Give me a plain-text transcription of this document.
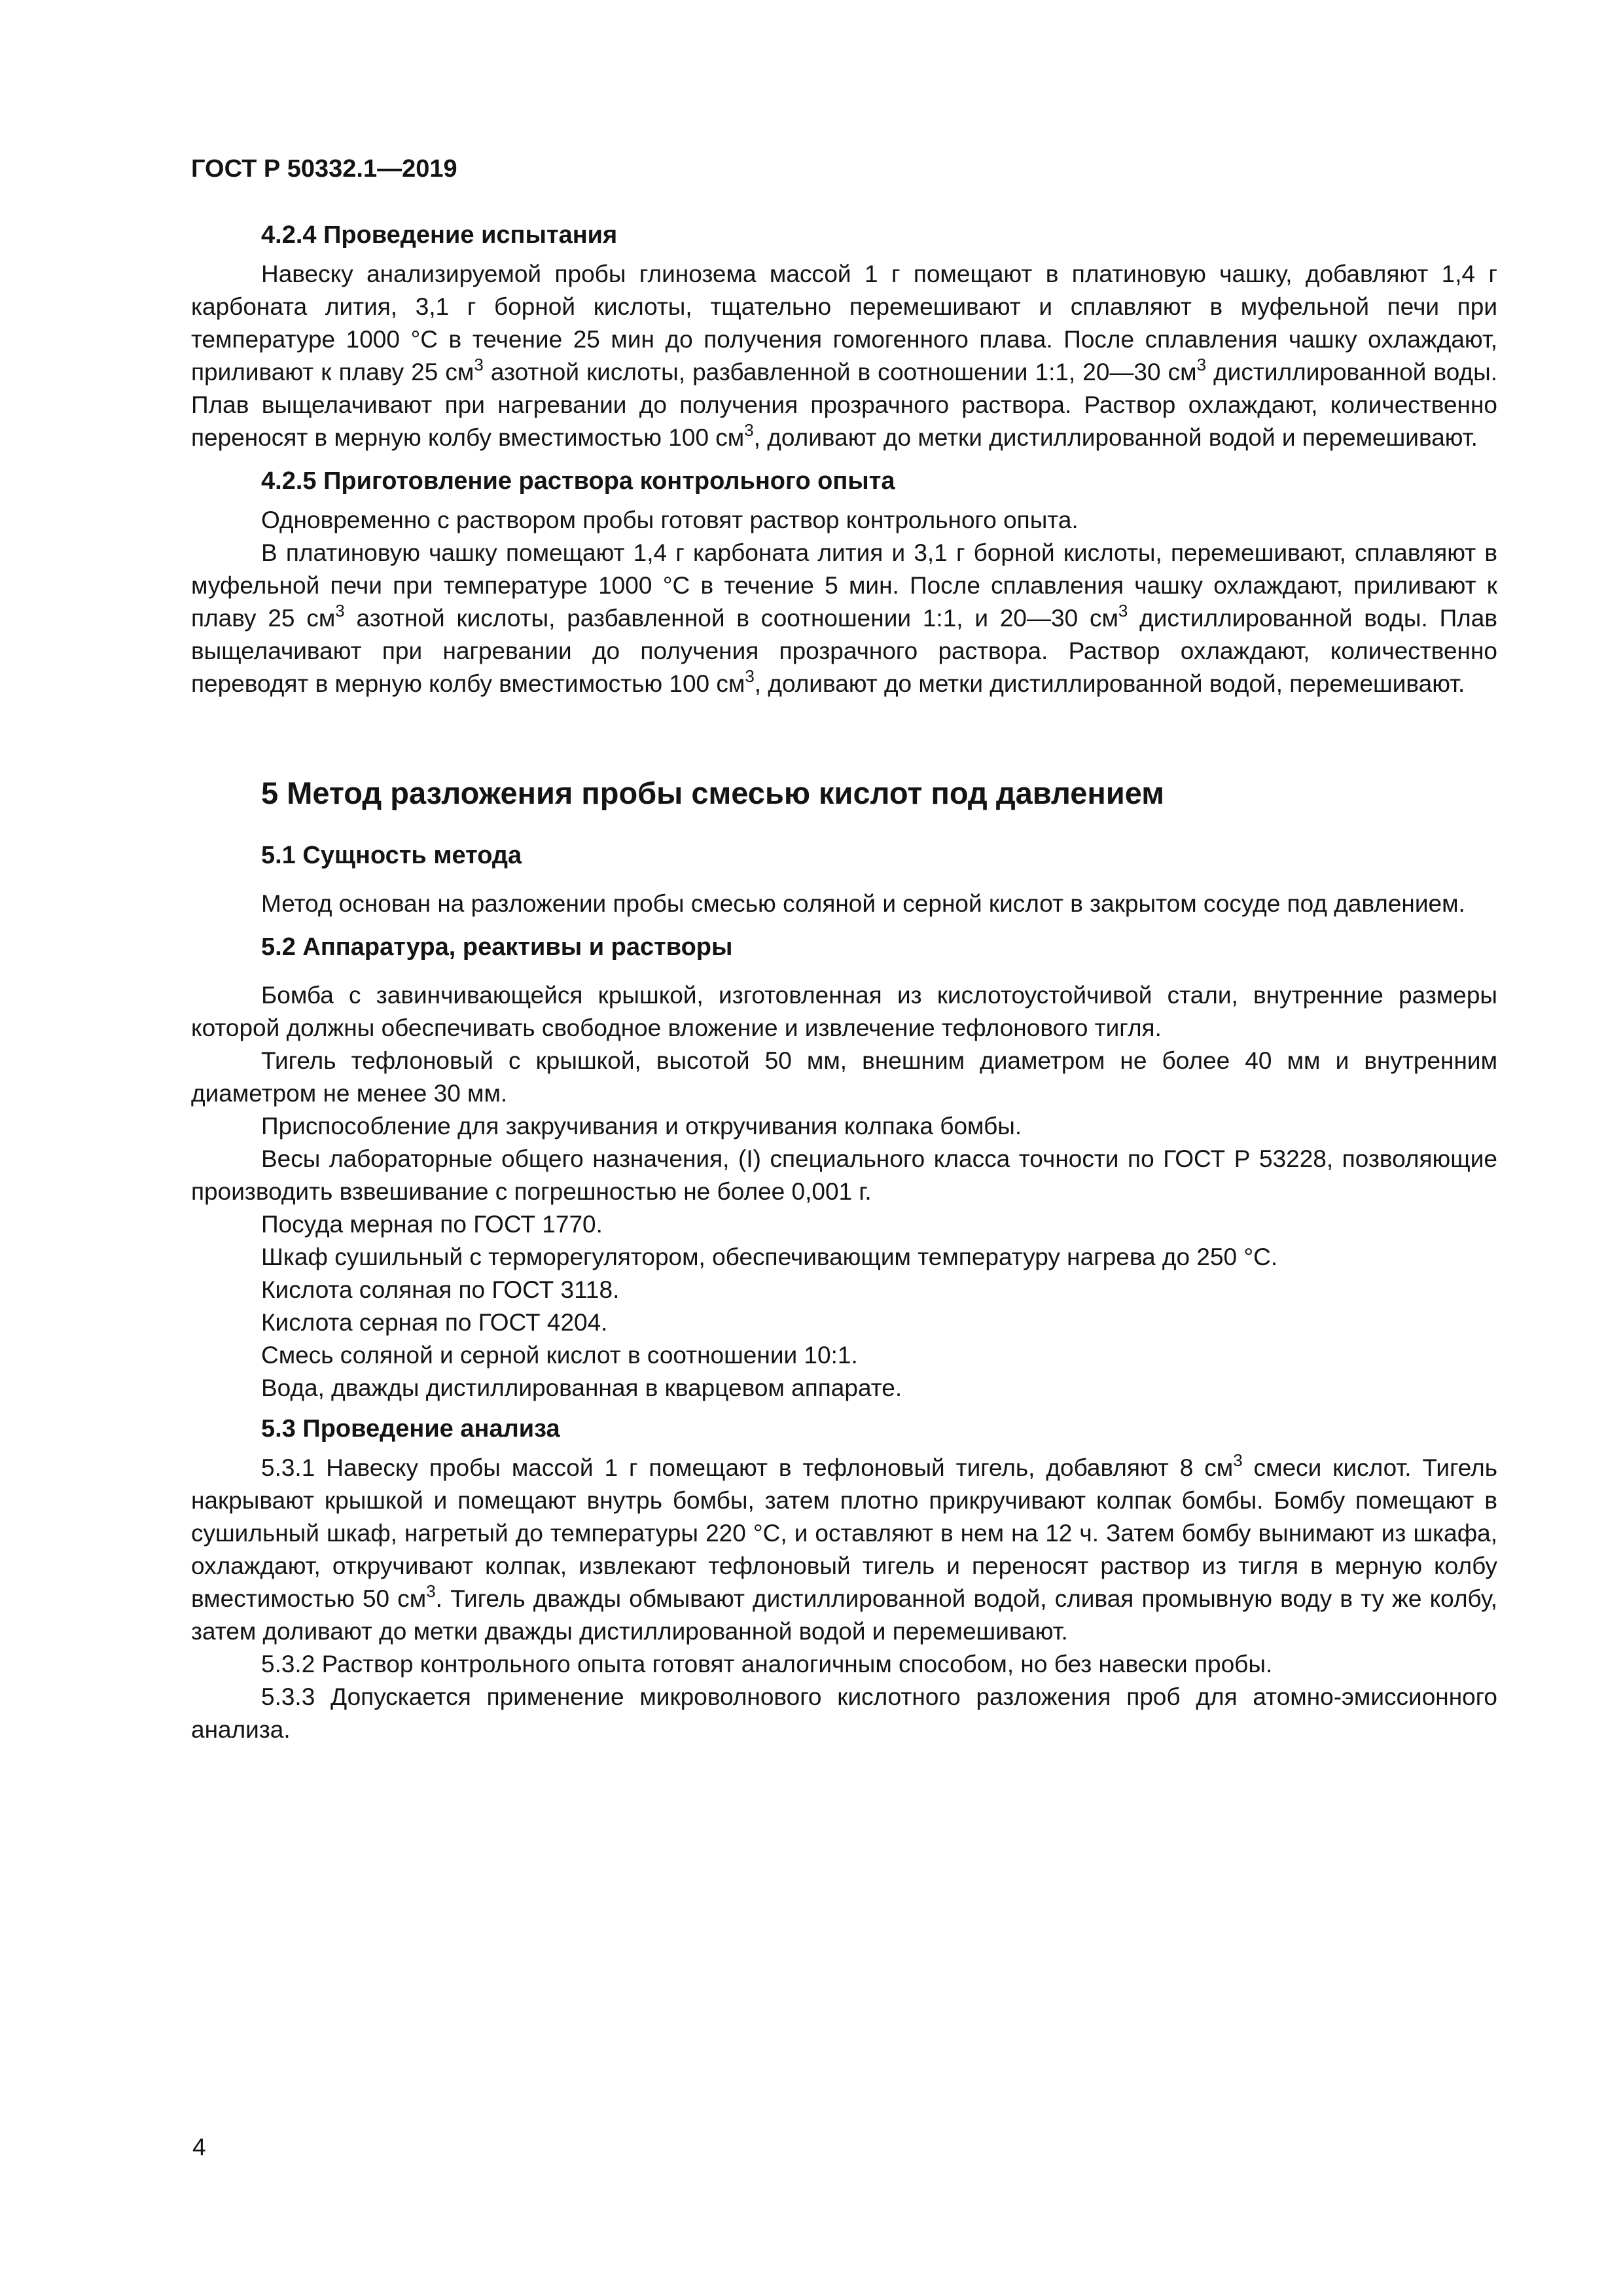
ГОСТ Р 50332.1—2019
4.2.4 Проведение испытания

Навеску анализируемой пробы глинозема массой 1 г помещают в платиновую чашку, добавляют 1,4 г карбоната лития, 3,1 г борной кислоты, тщательно перемешивают и сплавляют в муфельной печи при температуре 1000 °С в течение 25 мин до получения гомогенного плава. После сплавления чашку охлаждают, приливают к плаву 25 $см^3$ азотной кислоты, разбавленной в соотношении 1:1, 20—30 $см^3$ дистиллированной воды. Плав выщелачивают при нагревании до получения прозрачного раствора. Раствор охлаждают, количественно переносят в мерную колбу вместимостью 100 $см^3$, доливают до метки дистиллированной водой и перемешивают.

4.2.5 Приготовление раствора контрольного опыта

Одновременно с раствором пробы готовят раствор контрольного опыта.

В платиновую чашку помещают 1,4 г карбоната лития и 3,1 г борной кислоты, перемешивают, сплавляют в муфельной печи при температуре 1000 °С в течение 5 мин. После сплавления чашку охлаждают, приливают к плаву 25 $см^3$ азотной кислоты, разбавленной в соотношении 1:1, и 20—30 $см^3$ дистиллированной воды. Плав выщелачивают при нагревании до получения прозрачного раствора. Раствор охлаждают, количественно переводят в мерную колбу вместимостью 100 $см^3$, доливают до метки дистиллированной водой, перемешивают.

5 Метод разложения пробы смесью кислот под давлением
5.1 Сущность метода

Метод основан на разложении пробы смесью соляной и серной кислот в закрытом сосуде под давлением.

5.2 Аппаратура, реактивы и растворы

Бомба с завинчивающейся крышкой, изготовленная из кислотоустойчивой стали, внутренние размеры которой должны обеспечивать свободное вложение и извлечение тефлонового тигля.

Тигель тефлоновый с крышкой, высотой 50 мм, внешним диаметром не более 40 мм и внутренним диаметром не менее 30 мм.

Приспособление для закручивания и откручивания колпака бомбы.

Весы лабораторные общего назначения, (I) специального класса точности по ГОСТ Р 53228, позволяющие производить взвешивание с погрешностью не более 0,001 г.

Посуда мерная по ГОСТ 1770.

Шкаф сушильный с терморегулятором, обеспечивающим температуру нагрева до 250 °С.

Кислота соляная по ГОСТ 3118.

Кислота серная по ГОСТ 4204.

Смесь соляной и серной кислот в соотношении 10:1.

Вода, дважды дистиллированная в кварцевом аппарате.

5.3 Проведение анализа

5.3.1 Навеску пробы массой 1 г помещают в тефлоновый тигель, добавляют 8 $см^3$ смеси кислот. Тигель накрывают крышкой и помещают внутрь бомбы, затем плотно прикручивают колпак бомбы. Бомбу помещают в сушильный шкаф, нагретый до температуры 220 °С, и оставляют в нем на 12 ч. Затем бомбу вынимают из шкафа, охлаждают, откручивают колпак, извлекают тефлоновый тигель и переносят раствор из тигля в мерную колбу вместимостью 50 $см^3$. Тигель дважды обмывают дистиллированной водой, сливая промывную воду в ту же колбу, затем доливают до метки дважды дистиллированной водой и перемешивают.

5.3.2 Раствор контрольного опыта готовят аналогичным способом, но без навески пробы.

5.3.3 Допускается применение микроволнового кислотного разложения проб для атомно-эмиссионного анализа.

4
